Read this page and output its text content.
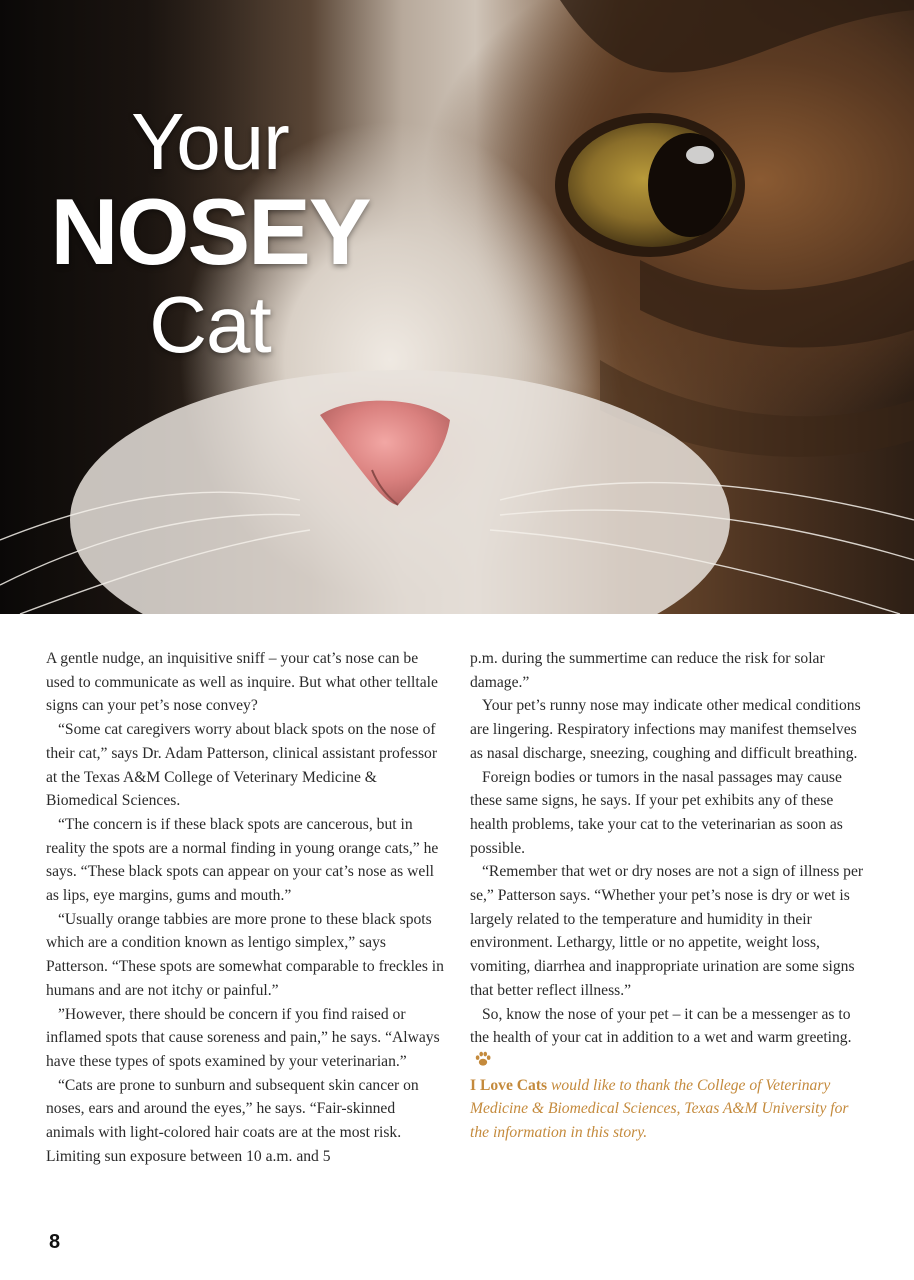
Your
NOSEY
Cat

A gentle nudge, an inquisitive sniff – your cat’s nose can be used to communicate as well as inquire. But what other telltale signs can your pet’s nose convey?

“Some cat caregivers worry about black spots on the nose of their cat,” says Dr. Adam Patterson, clinical assistant professor at the Texas A&M College of Veterinary Medicine & Biomedical Sciences.

“The concern is if these black spots are cancerous, but in reality the spots are a normal finding in young orange cats,” he says. “These black spots can appear on your cat’s nose as well as lips, eye margins, gums and mouth.”

“Usually orange tabbies are more prone to these black spots which are a condition known as lentigo simplex,” says Patterson. “These spots are somewhat comparable to freckles in humans and are not itchy or painful.”

”However, there should be concern if you find raised or inflamed spots that cause soreness and pain,” he says. “Always have these types of spots examined by your veterinarian.”

“Cats are prone to sunburn and subsequent skin cancer on noses, ears and around the eyes,” he says. “Fair-skinned animals with light-colored hair coats are at the most risk. Limiting sun exposure between 10 a.m. and 5

p.m. during the summertime can reduce the risk for solar damage.”

Your pet’s runny nose may indicate other medical conditions are lingering. Respiratory infections may manifest themselves as nasal discharge, sneezing, coughing and difficult breathing.

Foreign bodies or tumors in the nasal passages may cause these same signs, he says. If your pet exhibits any of these health problems, take your cat to the veterinarian as soon as possible.

“Remember that wet or dry noses are not a sign of illness per se,” Patterson says. “Whether your pet’s nose is dry or wet is largely related to the temperature and humidity in their environment. Lethargy, little or no appetite, weight loss, vomiting, diarrhea and inappropriate urination are some signs that better reflect illness.”

So, know the nose of your pet – it can be a messenger as to the health of your cat in addition to a wet and warm greeting.

I Love Cats would like to thank the College of Veterinary Medicine & Biomedical Sciences, Texas A&M University for the information in this story.

8
